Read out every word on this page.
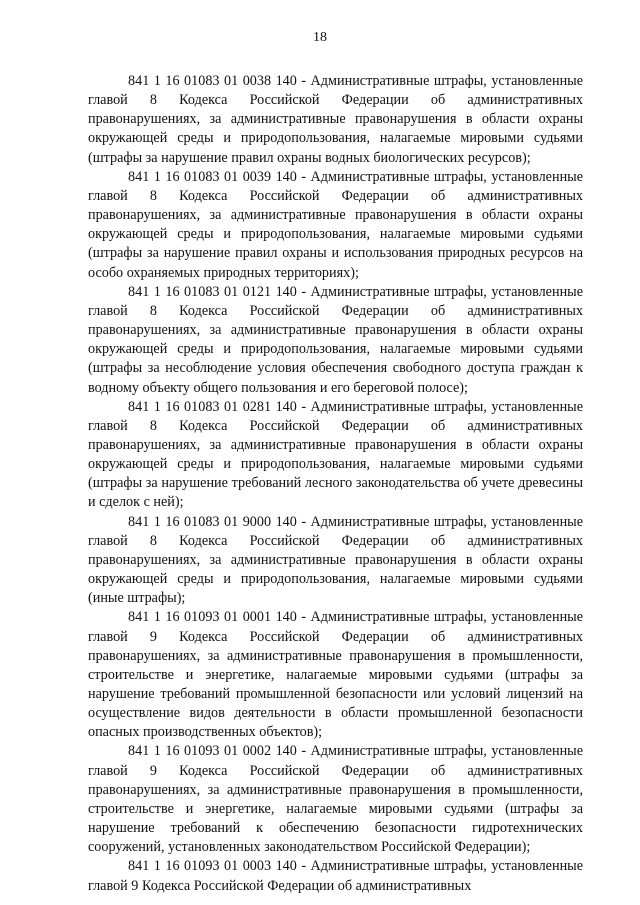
18

841 1 16 01083 01 0038 140 - Административные штрафы, установленные главой 8 Кодекса Российской Федерации об административных правонарушениях, за административные правонарушения в области охраны окружающей среды и природопользования, налагаемые мировыми судьями (штрафы за нарушение правил охраны водных биологических ресурсов);

841 1 16 01083 01 0039 140 - Административные штрафы, установленные главой 8 Кодекса Российской Федерации об административных правонарушениях, за административные правонарушения в области охраны окружающей среды и природопользования, налагаемые мировыми судьями (штрафы за нарушение правил охраны и использования природных ресурсов на особо охраняемых природных территориях);

841 1 16 01083 01 0121 140 - Административные штрафы, установленные главой 8 Кодекса Российской Федерации об административных правонарушениях, за административные правонарушения в области охраны окружающей среды и природопользования, налагаемые мировыми судьями (штрафы за несоблюдение условия обеспечения свободного доступа граждан к водному объекту общего пользования и его береговой полосе);

841 1 16 01083 01 0281 140 - Административные штрафы, установленные главой 8 Кодекса Российской Федерации об административных правонарушениях, за административные правонарушения в области охраны окружающей среды и природопользования, налагаемые мировыми судьями (штрафы за нарушение требований лесного законодательства об учете древесины и сделок с ней);

841 1 16 01083 01 9000 140 - Административные штрафы, установленные главой 8 Кодекса Российской Федерации об административных правонарушениях, за административные правонарушения в области охраны окружающей среды и природопользования, налагаемые мировыми судьями (иные штрафы);

841 1 16 01093 01 0001 140 - Административные штрафы, установленные главой 9 Кодекса Российской Федерации об административных правонарушениях, за административные правонарушения в промышленности, строительстве и энергетике, налагаемые мировыми судьями (штрафы за нарушение требований промышленной безопасности или условий лицензий на осуществление видов деятельности в области промышленной безопасности опасных производственных объектов);

841 1 16 01093 01 0002 140 - Административные штрафы, установленные главой 9 Кодекса Российской Федерации об административных правонарушениях, за административные правонарушения в промышленности, строительстве и энергетике, налагаемые мировыми судьями (штрафы за нарушение требований к обеспечению безопасности гидротехнических сооружений, установленных законодательством Российской Федерации);

841 1 16 01093 01 0003 140 - Административные штрафы, установленные главой 9 Кодекса Российской Федерации об административных
